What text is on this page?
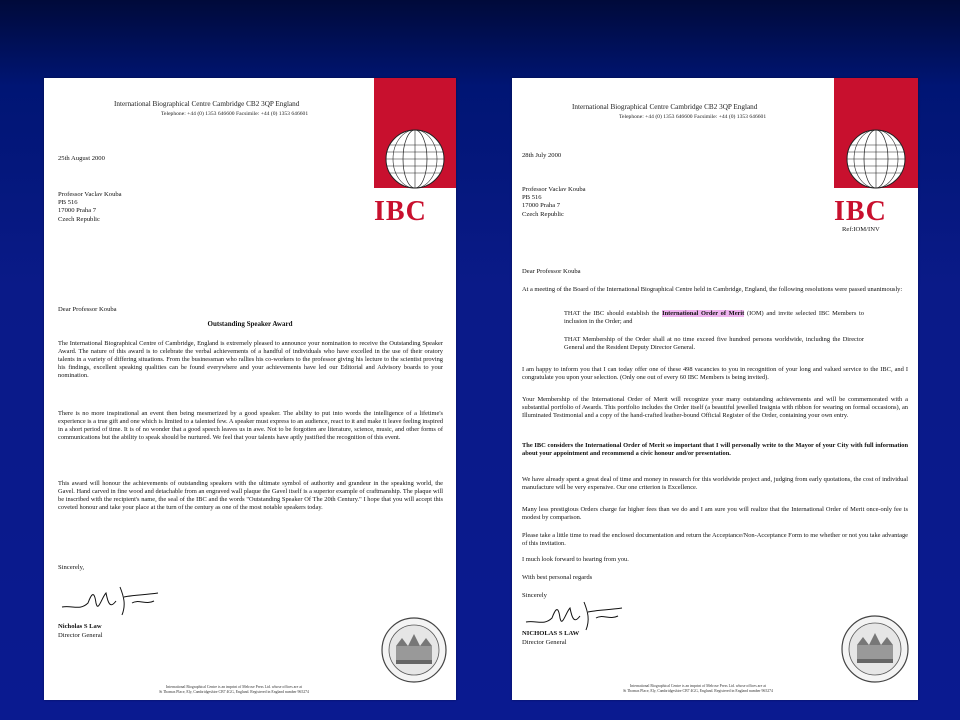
International Biographical Centre Cambridge CB2 3QP England
Telephone: +44 (0) 1353 646600 Facsimile: +44 (0) 1353 646601
IBC
25th August 2000
Professor Vaclav Kouba
PB 516
17000 Praha 7
Czech Republic
Dear Professor Kouba
Outstanding Speaker Award
The International Biographical Centre of Cambridge, England is extremely pleased to announce your nomination to receive the Outstanding Speaker Award. The nature of this award is to celebrate the verbal achievements of a handful of individuals who have excelled in the use of their oratory talents in a variety of differing situations. From the businessman who rallies his co-workers to the professor giving his lecture to the scientist proving his findings, excellent speaking qualities can be found everywhere and your achievements have led our Editorial and Advisory boards to your nomination.
There is no more inspirational an event then being mesmerized by a good speaker. The ability to put into words the intelligence of a lifetime's experience is a true gift and one which is limited to a talented few. A speaker must express to an audience, react to it and make it leave feeling inspired in a short period of time. It is of no wonder that a good speech leaves us in awe. Not to be forgotten are literature, science, music, and other forms of communications but the ability to speak should be nurtured. We feel that your talents have aptly justified the recognition of this event.
This award will honour the achievements of outstanding speakers with the ultimate symbol of authority and grandeur in the speaking world, the Gavel. Hand carved in fine wood and detachable from an engraved wall plaque the Gavel itself is a superior example of craftmanship. The plaque will be inscribed with the recipient's name, the seal of the IBC and the words "Outstanding Speaker Of The 20th Century." I hope that you will accept this coveted honour and take your place at the turn of the century as one of the most notable speakers today.
Sincerely,
Nicholas S Law
Director General
International Biographical Centre is an imprint of Melrose Press Ltd. whose offices are at
St Thomas Place, Ely, Cambridgeshire CB7 4GG, England. Registered in England number 965274
International Biographical Centre Cambridge CB2 3QP England
Telephone: +44 (0) 1353 646600 Facsimile: +44 (0) 1353 646601
IBC
28th July 2000
Professor Vaclav Kouba
PB 516
17000 Praha 7
Czech Republic
Ref:IOM/INV
Dear Professor Kouba
At a meeting of the Board of the International Biographical Centre held in Cambridge, England, the following resolutions were passed unanimously:
THAT the IBC should establish the International Order of Merit (IOM) and invite selected IBC Members to inclusion in the Order; and
THAT Membership of the Order shall at no time exceed five hundred persons worldwide, including the Director General and the Resident Deputy Director General.
I am happy to inform you that I can today offer one of these 498 vacancies to you in recognition of your long and valued service to the IBC, and I congratulate you upon your selection. (Only one out of every 60 IBC Members is being invited).
Your Membership of the International Order of Merit will recognize your many outstanding achievements and will be commemorated with a substantial portfolio of Awards. This portfolio includes the Order itself (a beautiful jewelled Insignia with ribbon for wearing on formal occasions), an Illuminated Testimonial and a copy of the hand-crafted leather-bound Official Register of the Order, containing your own entry.
The IBC considers the International Order of Merit so important that I will personally write to the Mayor of your City with full information about your appointment and recommend a civic honour and/or presentation.
We have already spent a great deal of time and money in research for this worldwide project and, judging from early quotations, the cost of individual manufacture will be very expensive. Our one criterion is Excellence.
Many less prestigious Orders charge far higher fees than we do and I am sure you will realize that the International Order of Merit once-only fee is modest by comparison.
Please take a little time to read the enclosed documentation and return the Acceptance/Non-Acceptance Form to me whether or not you take advantage of this invitation.
I much look forward to hearing from you.
With best personal regards
Sincerely
NICHOLAS S LAW
Director General
International Biographical Centre is an imprint of Melrose Press Ltd. whose offices are at
St Thomas Place, Ely, Cambridgeshire CB7 4GG, England. Registered in England number 965274
